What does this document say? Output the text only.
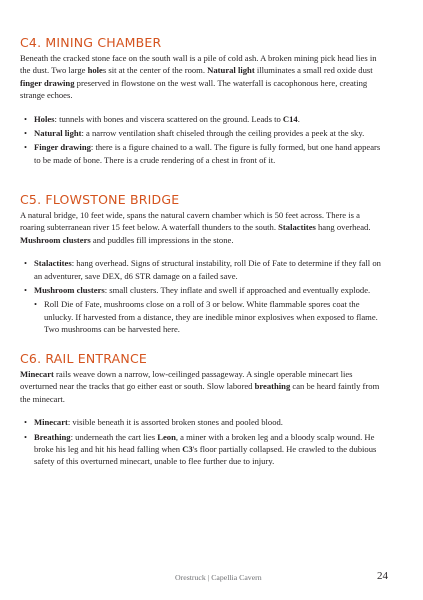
C4. MINING CHAMBER

Beneath the cracked stone face on the south wall is a pile of cold ash. A broken mining pick head lies in the dust. Two large holes sit at the center of the room. Natural light illuminates a small red oxide dust finger drawing preserved in flowstone on the west wall. The waterfall is cacophonous here, creating strange echoes.

• Holes: tunnels with bones and viscera scattered on the ground. Leads to C14.
• Natural light: a narrow ventilation shaft chiseled through the ceiling provides a peek at the sky.
• Finger drawing: there is a figure chained to a wall. The figure is fully formed, but one hand appears to be made of bone. There is a crude rendering of a chest in front of it.
C5. FLOWSTONE BRIDGE

A natural bridge, 10 feet wide, spans the natural cavern chamber which is 50 feet across. There is a roaring subterranean river 15 feet below. A waterfall thunders to the south. Stalactites hang overhead. Mushroom clusters and puddles fill impressions in the stone.

• Stalactites: hang overhead. Signs of structural instability, roll Die of Fate to determine if they fall on an adventurer, save DEX, d6 STR damage on a failed save.
• Mushroom clusters: small clusters. They inflate and swell if approached and eventually explode.
• Roll Die of Fate, mushrooms close on a roll of 3 or below. White flammable spores coat the unlucky. If harvested from a distance, they are inedible minor explosives when exposed to flame. Two mushrooms can be harvested here.
C6. RAIL ENTRANCE

Minecart rails weave down a narrow, low-ceilinged passageway. A single operable minecart lies overturned near the tracks that go either east or south. Slow labored breathing can be heard faintly from the minecart.

• Minecart: visible beneath it is assorted broken stones and pooled blood.
• Breathing: underneath the cart lies Leon, a miner with a broken leg and a bloody scalp wound. He broke his leg and hit his head falling when C3's floor partially collapsed. He crawled to the dubious safety of this overturned minecart, unable to flee further due to injury.
Orestruck | Capellia Cavern	24
